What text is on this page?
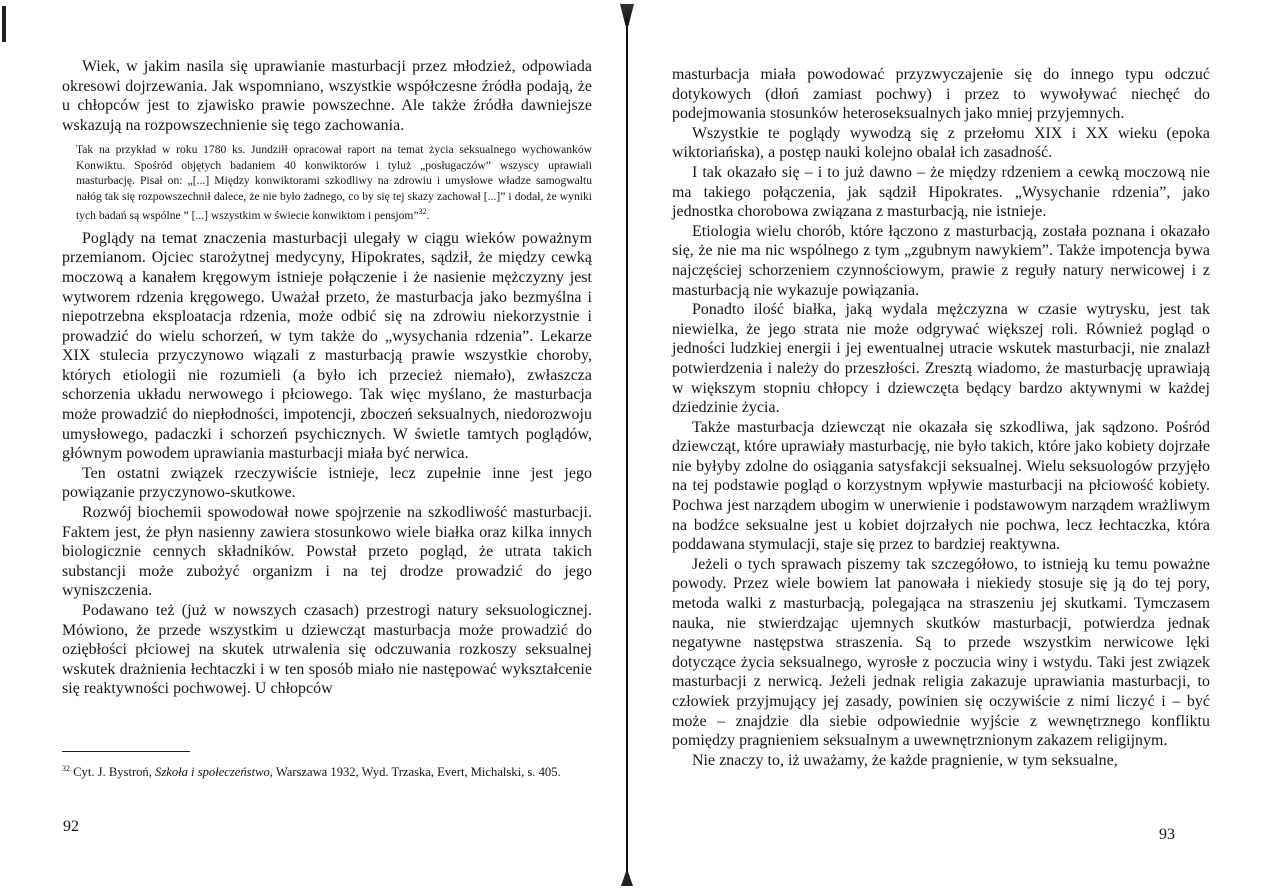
Wiek, w jakim nasila się uprawianie masturbacji przez młodzież, odpowiada okresowi dojrzewania. Jak wspomniano, wszystkie współczesne źródła podają, że u chłopców jest to zjawisko prawie powszechne. Ale także źródła dawniejsze wskazują na rozpowszechnienie się tego zachowania.

Tak na przykład w roku 1780 ks. Jundziłł opracował raport na temat życia seksualnego wychowanków Konwiktu. Spośród objętych badaniem 40 konwiktorów i tyluż „posługaczów” wszyscy uprawiali masturbację. Pisał on: „[...] Między konwiktorami szkodliwy na zdrowiu i umysłowe władze samogwałtu nałóg tak się rozpowszechnił dalece, że nie było żadnego, co by się tej skazy zachował [...]” i dodał, że wyniki tych badań są wspólne ” [...] wszystkim w świecie konwiktom i pensjom”$^{32}$.

Poglądy na temat znaczenia masturbacji ulegały w ciągu wieków poważnym przemianom. Ojciec starożytnej medycyny, Hipokrates, sądził, że między cewką moczową a kanałem kręgowym istnieje połączenie i że nasienie mężczyzny jest wytworem rdzenia kręgowego. Uważał przeto, że masturbacja jako bezmyślna i niepotrzebna eksploatacja rdzenia, może odbić się na zdrowiu niekorzystnie i prowadzić do wielu schorzeń, w tym także do „wysychania rdzenia”. Lekarze XIX stulecia przyczynowo wiązali z masturbacją prawie wszystkie choroby, których etiologii nie rozumieli (a było ich przecież niemało), zwłaszcza schorzenia układu nerwowego i płciowego. Tak więc myślano, że masturbacja może prowadzić do niepłodności, impotencji, zboczeń seksualnych, niedorozwoju umysłowego, padaczki i schorzeń psychicznych. W świetle tamtych poglądów, głównym powodem uprawiania masturbacji miała być nerwica.

Ten ostatni związek rzeczywiście istnieje, lecz zupełnie inne jest jego powiązanie przyczynowo-skutkowe.

Rozwój biochemii spowodował nowe spojrzenie na szkodliwość masturbacji. Faktem jest, że płyn nasienny zawiera stosunkowo wiele białka oraz kilka innych biologicznie cennych składników. Powstał przeto pogląd, że utrata takich substancji może zubożyć organizm i na tej drodze prowadzić do jego wyniszczenia.

Podawano też (już w nowszych czasach) przestrogi natury seksuologicznej. Mówiono, że przede wszystkim u dziewcząt masturbacja może prowadzić do oziębłości płciowej na skutek utrwalenia się odczuwania rozkoszy seksualnej wskutek drażnienia łechtaczki i w ten sposób miało nie następować wykształcenie się reaktywności pochwowej. U chłopców

$^{32}$ Cyt. J. Bystroń, Szkoła i społeczeństwo, Warszawa 1932, Wyd. Trzaska, Evert, Michalski, s. 405.

92

masturbacja miała powodować przyzwyczajenie się do innego typu odczuć dotykowych (dłoń zamiast pochwy) i przez to wywoływać niechęć do podejmowania stosunków heteroseksualnych jako mniej przyjemnych.

Wszystkie te poglądy wywodzą się z przełomu XIX i XX wieku (epoka wiktoriańska), a postęp nauki kolejno obalał ich zasadność.

I tak okazało się – i to już dawno – że między rdzeniem a cewką moczową nie ma takiego połączenia, jak sądził Hipokrates. „Wysychanie rdzenia”, jako jednostka chorobowa związana z masturbacją, nie istnieje.

Etiologia wielu chorób, które łączono z masturbacją, została poznana i okazało się, że nie ma nic wspólnego z tym „zgubnym nawykiem”. Także impotencja bywa najczęściej schorzeniem czynnościowym, prawie z reguły natury nerwicowej i z masturbacją nie wykazuje powiązania.

Ponadto ilość białka, jaką wydala mężczyzna w czasie wytrysku, jest tak niewielka, że jego strata nie może odgrywać większej roli. Również pogląd o jedności ludzkiej energii i jej ewentualnej utracie wskutek masturbacji, nie znalazł potwierdzenia i należy do przeszłości. Zresztą wiadomo, że masturbację uprawiają w większym stopniu chłopcy i dziewczęta będący bardzo aktywnymi w każdej dziedzinie życia.

Także masturbacja dziewcząt nie okazała się szkodliwa, jak sądzono. Pośród dziewcząt, które uprawiały masturbację, nie było takich, które jako kobiety dojrzałe nie byłyby zdolne do osiągania satysfakcji seksualnej. Wielu seksuologów przyjęło na tej podstawie pogląd o korzystnym wpływie masturbacji na płciowość kobiety. Pochwa jest narządem ubogim w unerwienie i podstawowym narządem wrażliwym na bodźce seksualne jest u kobiet dojrzałych nie pochwa, lecz łechtaczka, która poddawana stymulacji, staje się przez to bardziej reaktywna.

Jeżeli o tych sprawach piszemy tak szczegółowo, to istnieją ku temu poważne powody. Przez wiele bowiem lat panowała i niekiedy stosuje się ją do tej pory, metoda walki z masturbacją, polegająca na straszeniu jej skutkami. Tymczasem nauka, nie stwierdzając ujemnych skutków masturbacji, potwierdza jednak negatywne następstwa straszenia. Są to przede wszystkim nerwicowe lęki dotyczące życia seksualnego, wyrosłe z poczucia winy i wstydu. Taki jest związek masturbacji z nerwicą. Jeżeli jednak religia zakazuje uprawiania masturbacji, to człowiek przyjmujący jej zasady, powinien się oczywiście z nimi liczyć i – być może – znajdzie dla siebie odpowiednie wyjście z wewnętrznego konfliktu pomiędzy pragnieniem seksualnym a uwewnętrznionym zakazem religijnym.

Nie znaczy to, iż uważamy, że każde pragnienie, w tym seksualne,

93
